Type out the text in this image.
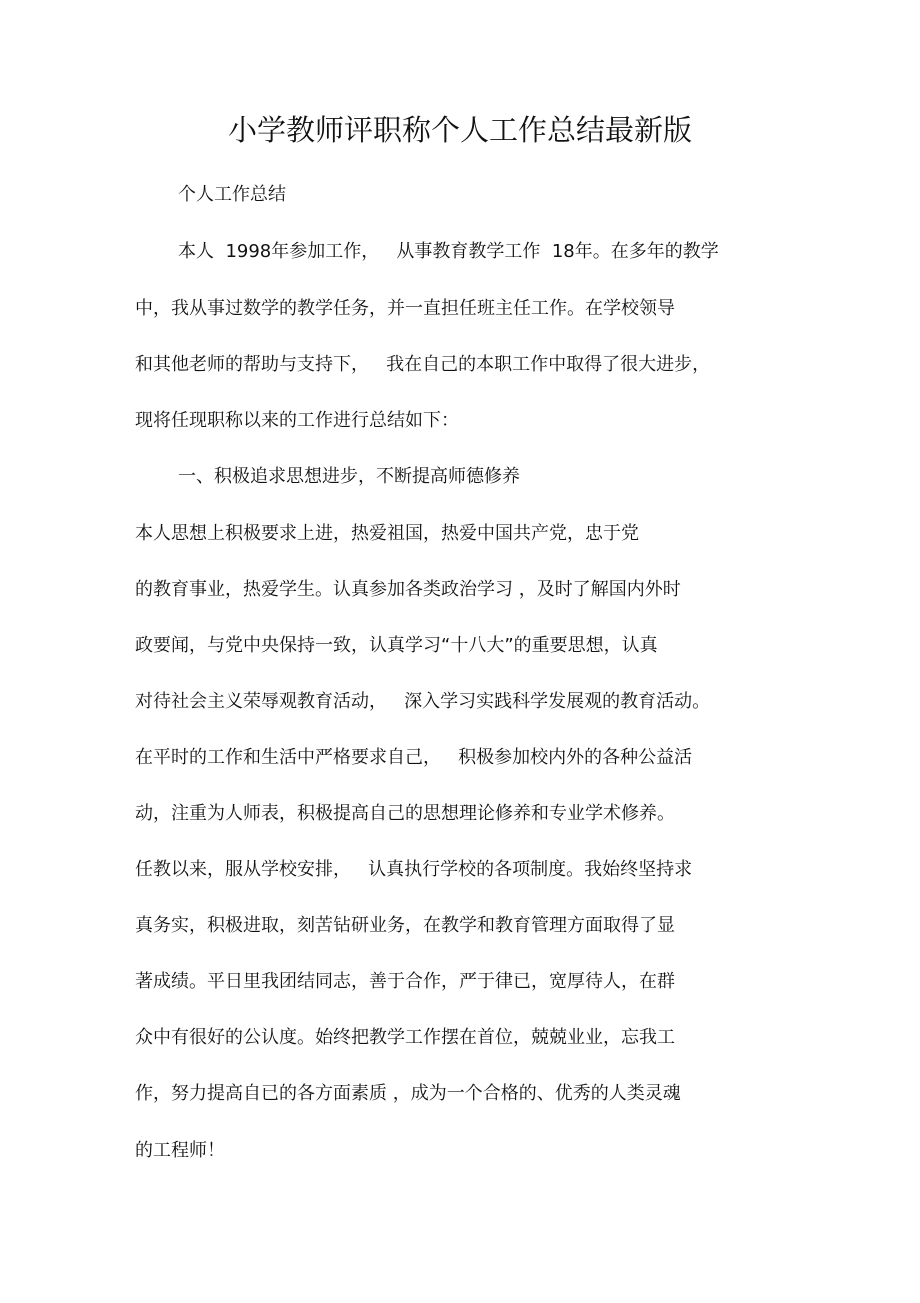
小学教师评职称个人工作总结最新版

个人工作总结

本人  1998年参加工作，   从事教育教学工作  18年。在多年的教学

中，我从事过数学的教学任务，并一直担任班主任工作。在学校领导

和其他老师的帮助与支持下，   我在自己的本职工作中取得了很大进步，

现将任现职称以来的工作进行总结如下：

一、积极追求思想进步，不断提高师德修养

本人思想上积极要求上进，热爱祖国，热爱中国共产党，忠于党

的教育事业，热爱学生。认真参加各类政治学习 ，及时了解国内外时

政要闻，与党中央保持一致，认真学习“十八大”的重要思想，认真

对待社会主义荣辱观教育活动，   深入学习实践科学发展观的教育活动。

在平时的工作和生活中严格要求自己，   积极参加校内外的各种公益活

动，注重为人师表，积极提高自己的思想理论修养和专业学术修养。

任教以来，服从学校安排，   认真执行学校的各项制度。我始终坚持求

真务实，积极进取，刻苦钻研业务，在教学和教育管理方面取得了显

著成绩。平日里我团结同志，善于合作，严于律已，宽厚待人，在群

众中有很好的公认度。始终把教学工作摆在首位，兢兢业业，忘我工

作，努力提高自已的各方面素质 ，成为一个合格的、优秀的人类灵魂

的工程师！
